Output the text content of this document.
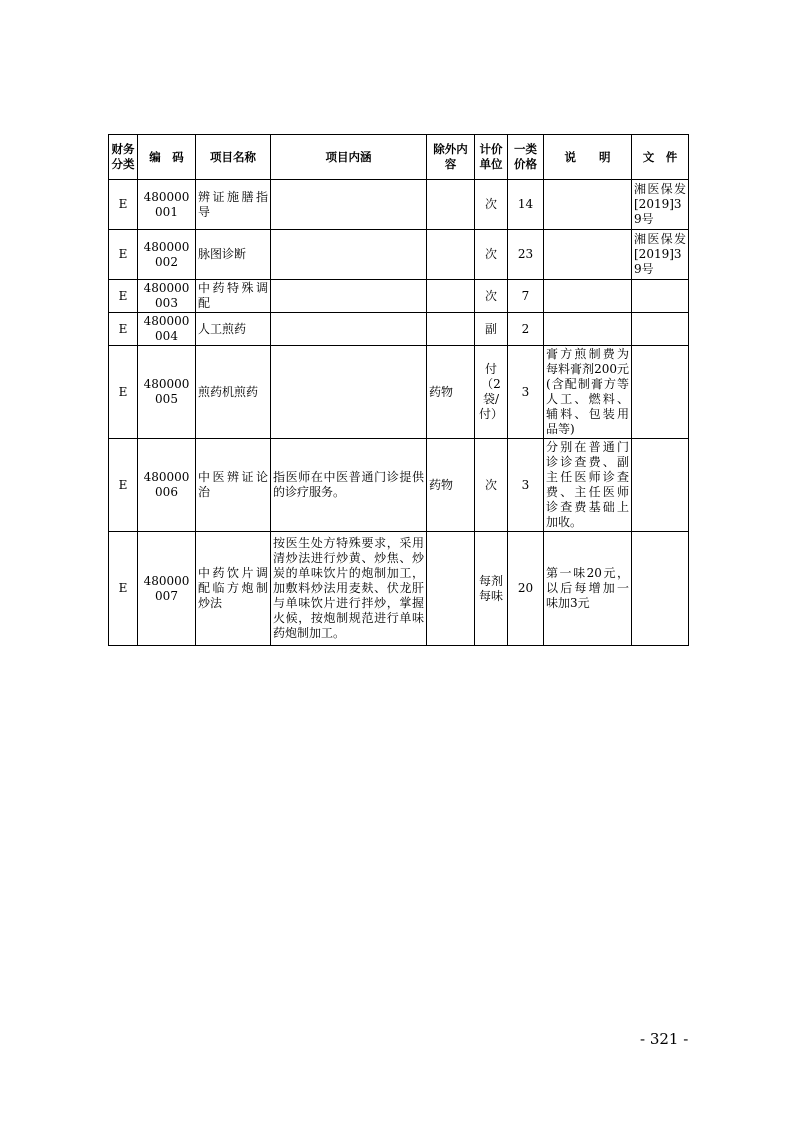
财务分类	编　码	项目名称	项目内涵	除外内容	计价单位	一类价格	说　　明	文　件
E	480000001	辨证施膳指导			次	14		湘医保发[2019]39号
E	480000002	脉图诊断			次	23		湘医保发[2019]39号
E	480000003	中药特殊调配			次	7		
E	480000004	人工煎药			副	2		
E	480000005	煎药机煎药		药物	付（2袋/付）	3	膏方煎制费为每料膏剂200元(含配制膏方等人工、燃料、辅料、包装用品等)	
E	480000006	中医辨证论治	指医师在中医普通门诊提供的诊疗服务。	药物	次	3	分别在普通门诊诊查费、副主任医师诊查费、主任医师诊查费基础上加收。	
E	480000007	中药饮片调配临方炮制炒法	按医生处方特殊要求，采用清炒法进行炒黄、炒焦、炒炭的单味饮片的炮制加工，加敷料炒法用麦麸、伏龙肝与单味饮片进行拌炒，掌握火候，按炮制规范进行单味药炮制加工。		每剂每味	20	第一味20元，以后每增加一味加3元	
- 321 -
